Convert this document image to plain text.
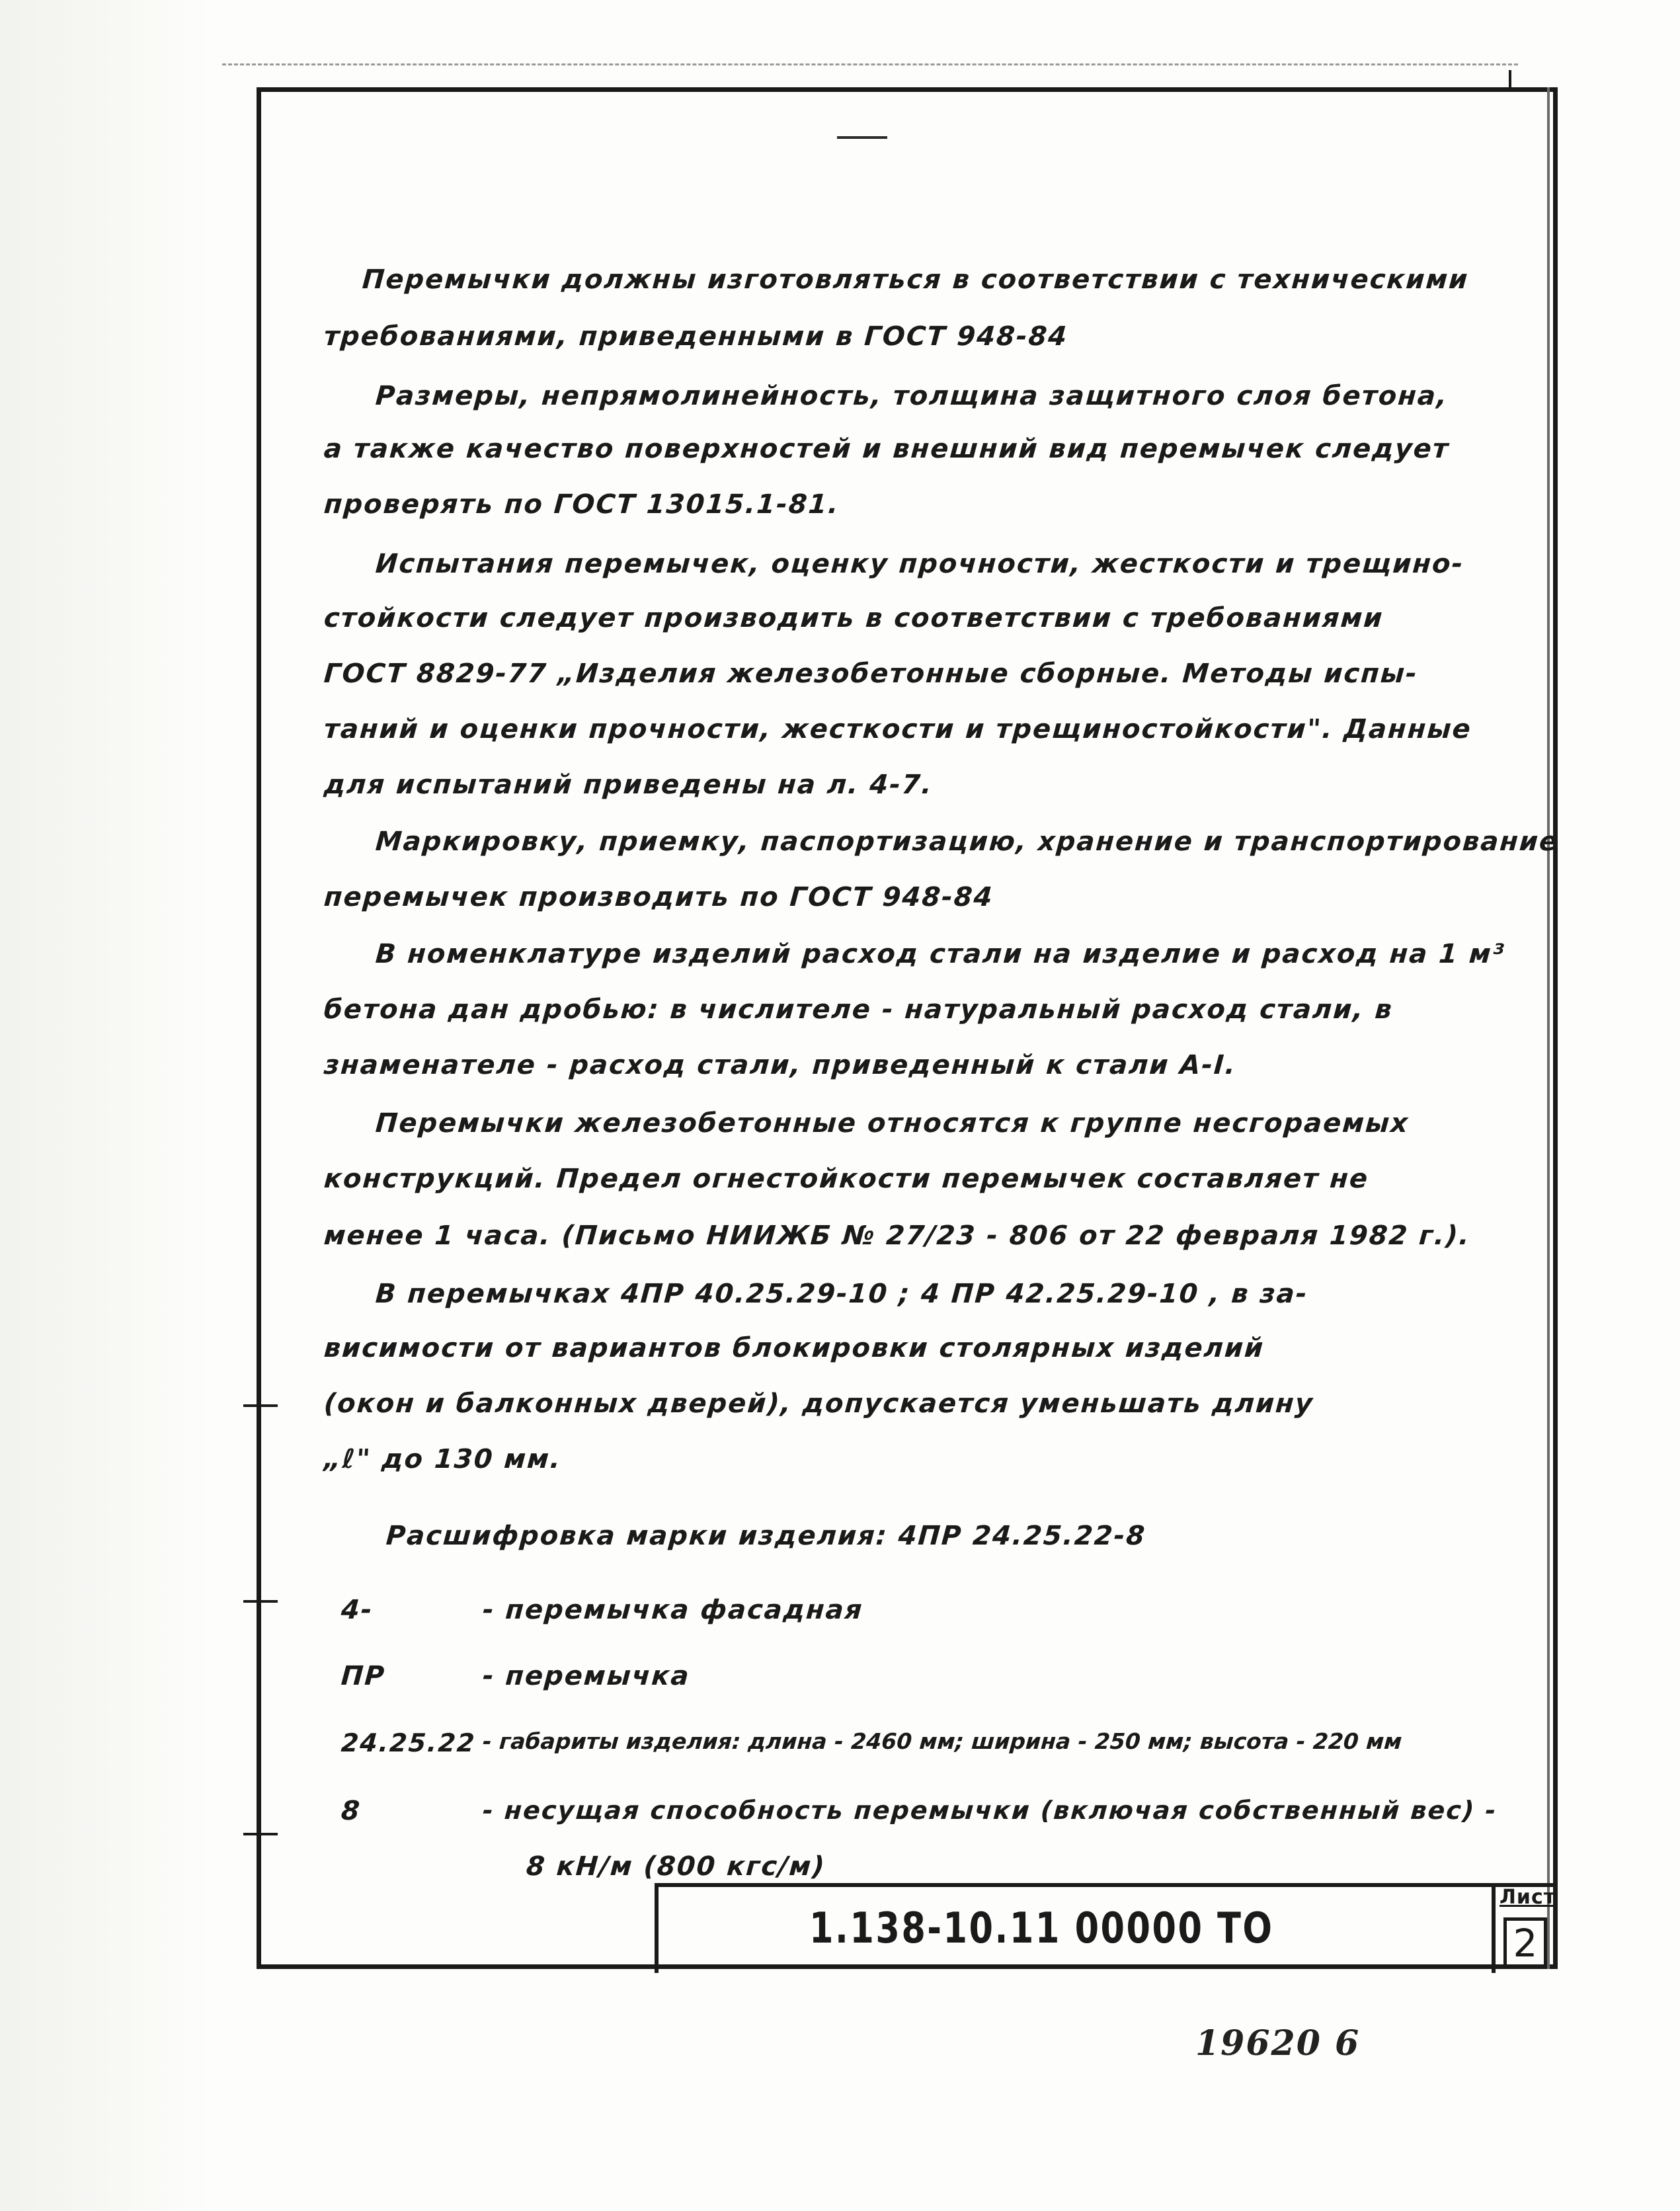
Перемычки должны изготовляться в соответствии с техническими
требованиями, приведенными в ГОСТ 948-84
Размеры, непрямолинейность, толщина защитного слоя бетона,
а также качество поверхностей и внешний вид перемычек следует
проверять по ГОСТ 13015.1-81.
Испытания перемычек, оценку прочности, жесткости и трещино-
стойкости следует производить в соответствии с требованиями
ГОСТ 8829-77 „Изделия железобетонные сборные. Методы испы-
таний и оценки прочности, жесткости и трещиностойкости". Данные
для испытаний приведены на л. 4-7.
Маркировку, приемку, паспортизацию, хранение и транспортирование
перемычек производить по ГОСТ 948-84
В номенклатуре изделий расход стали на изделие и расход на 1 м³
бетона дан дробью: в числителе - натуральный расход стали, в
знаменателе - расход стали, приведенный к стали А-I.
Перемычки железобетонные относятся к группе несгораемых
конструкций. Предел огнестойкости перемычек составляет не
менее 1 часа. (Письмо НИИЖБ № 27/23 - 806 от 22 февраля 1982 г.).
В перемычках 4ПР 40.25.29-10 ; 4 ПР 42.25.29-10 , в за-
висимости от вариантов блокировки столярных изделий
(окон и балконных дверей), допускается уменьшать длину
„ℓ" до 130 мм.
Расшифровка марки изделия: 4ПР 24.25.22-8
4-	- перемычка фасадная
ПР	- перемычка
24.25.22 - габариты изделия: длина - 2460 мм; ширина - 250 мм; высота - 220 мм
8	- несущая способность перемычки (включая собственный вес) -
8 кН/м (800 кгс/м)
1.138-10.11 00000 ТО
Лист
2
19620 6
